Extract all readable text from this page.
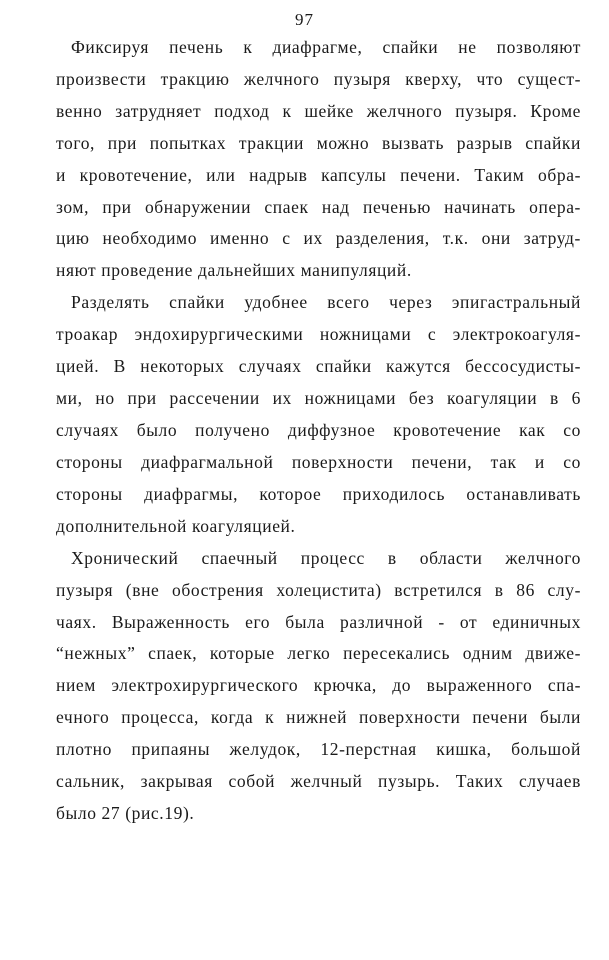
97
Фиксируя печень к диафрагме, спайки не позволяют
произвести тракцию желчного пузыря кверху, что сущест-
венно затрудняет подход к шейке желчного пузыря. Кроме
того, при попытках тракции можно вызвать разрыв спайки
и кровотечение, или надрыв капсулы печени. Таким обра-
зом, при обнаружении спаек над печенью начинать опера-
цию необходимо именно с их разделения, т.к. они затруд-
няют проведение дальнейших манипуляций.
Разделять спайки удобнее всего через эпигастральный
троакар эндохирургическими ножницами с электрокоагуля-
цией. В некоторых случаях спайки кажутся бессосудисты-
ми, но при рассечении их ножницами без коагуляции в 6
случаях было получено диффузное кровотечение как со
стороны диафрагмальной поверхности печени, так и со
стороны диафрагмы, которое приходилось останавливать
дополнительной коагуляцией.
Хронический спаечный процесс в области желчного
пузыря (вне обострения холецистита) встретился в 86 слу-
чаях. Выраженность его была различной - от единичных
“нежных” спаек, которые легко пересекались одним движе-
нием электрохирургического крючка, до выраженного спа-
ечного процесса, когда к нижней поверхности печени были
плотно припаяны желудок, 12-перстная кишка, большой
сальник, закрывая собой желчный пузырь. Таких случаев
было 27 (рис.19).
